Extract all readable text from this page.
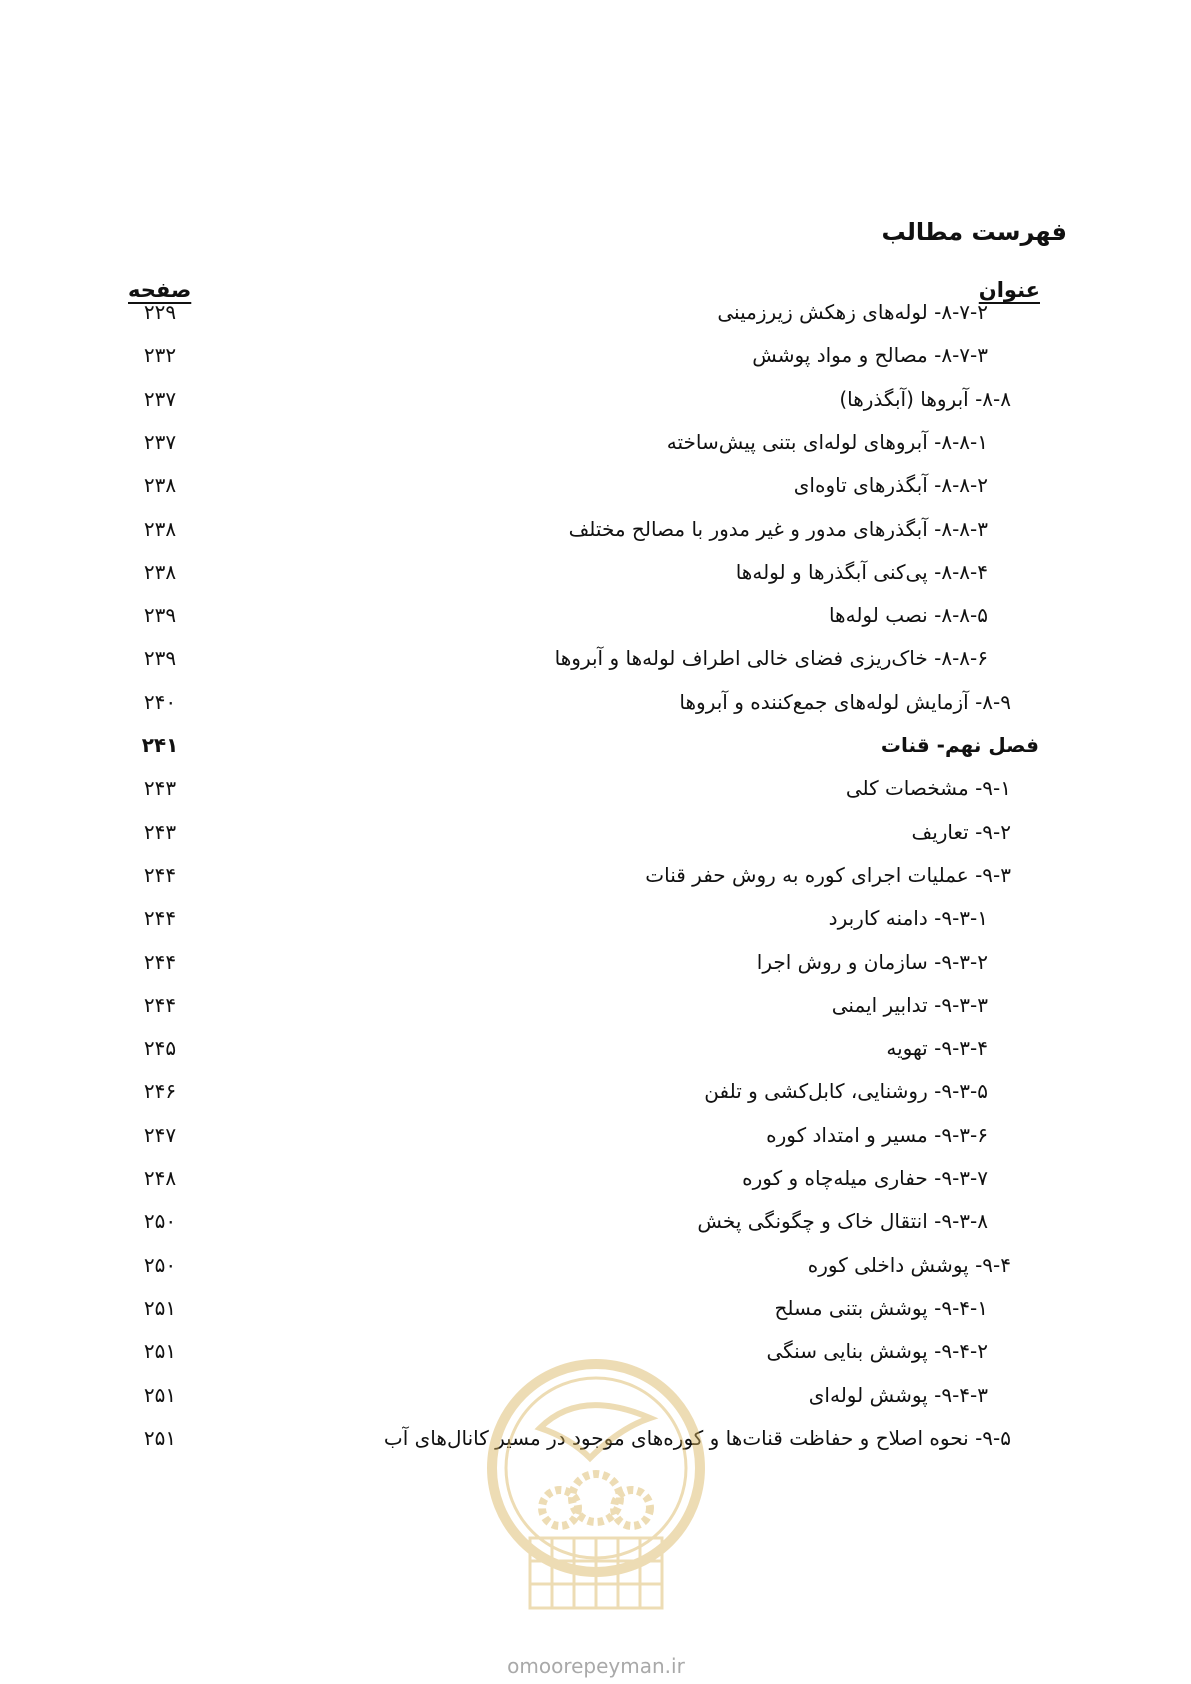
فهرست مطالب
عنوان
صفحه
۸-۷-۲- لوله‌های زهکش زیرزمینی
۲۲۹
۸-۷-۳- مصالح و مواد پوشش
۲۳۲
۸-۸- آبروها (آبگذرها)
۲۳۷
۸-۸-۱- آبروهای لوله‌ای بتنی پیش‌ساخته
۲۳۷
۸-۸-۲- آبگذرهای تاوه‌ای
۲۳۸
۸-۸-۳- آبگذرهای مدور و غیر مدور با مصالح مختلف
۲۳۸
۸-۸-۴- پی‌کنی آبگذرها و لوله‌ها
۲۳۸
۸-۸-۵- نصب لوله‌ها
۲۳۹
۸-۸-۶- خاک‌ریزی فضای خالی اطراف لوله‌ها و آبروها
۲۳۹
۸-۹- آزمایش لوله‌های جمع‌کننده و آبروها
۲۴۰
فصل نهم- قنات
۲۴۱
۹-۱- مشخصات کلی
۲۴۳
۹-۲- تعاریف
۲۴۳
۹-۳- عملیات اجرای کوره به روش حفر قنات
۲۴۴
۹-۳-۱- دامنه کاربرد
۲۴۴
۹-۳-۲- سازمان و روش اجرا
۲۴۴
۹-۳-۳- تدابیر ایمنی
۲۴۴
۹-۳-۴- تهویه
۲۴۵
۹-۳-۵- روشنایی، کابل‌کشی و تلفن
۲۴۶
۹-۳-۶- مسیر و امتداد کوره
۲۴۷
۹-۳-۷- حفاری میله‌چاه و کوره
۲۴۸
۹-۳-۸- انتقال خاک و چگونگی پخش
۲۵۰
۹-۴- پوشش داخلی کوره
۲۵۰
۹-۴-۱- پوشش بتنی مسلح
۲۵۱
۹-۴-۲- پوشش بنایی سنگی
۲۵۱
۹-۴-۳- پوشش لوله‌ای
۲۵۱
۹-۵- نحوه اصلاح و حفاظت قنات‌ها و کوره‌های موجود در مسیر کانال‌های آب
۲۵۱
omoorepeyman.ir
